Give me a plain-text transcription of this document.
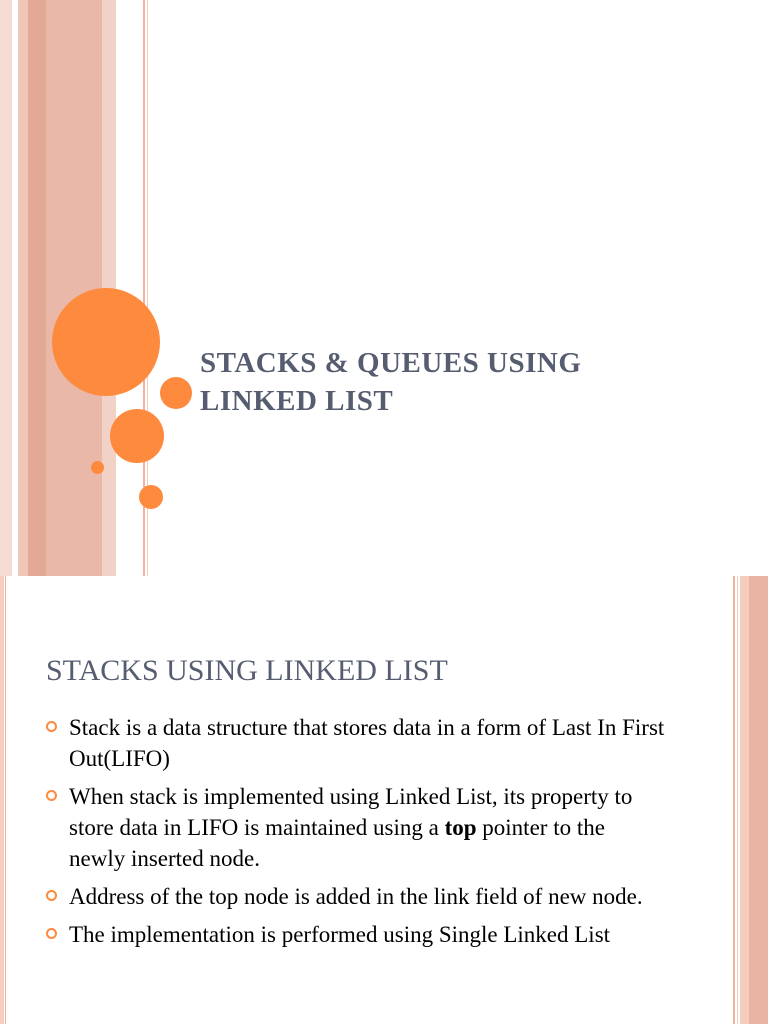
STACKS & QUEUES USING
LINKED LIST
STACKS USING LINKED LIST
Stack is a data structure that stores data in a form of Last In First Out(LIFO)
When stack is implemented using Linked List, its property to store data in LIFO is maintained using a top pointer to the newly inserted node.
Address of the top node is added in the link field of new node.
The implementation is performed using Single Linked List
